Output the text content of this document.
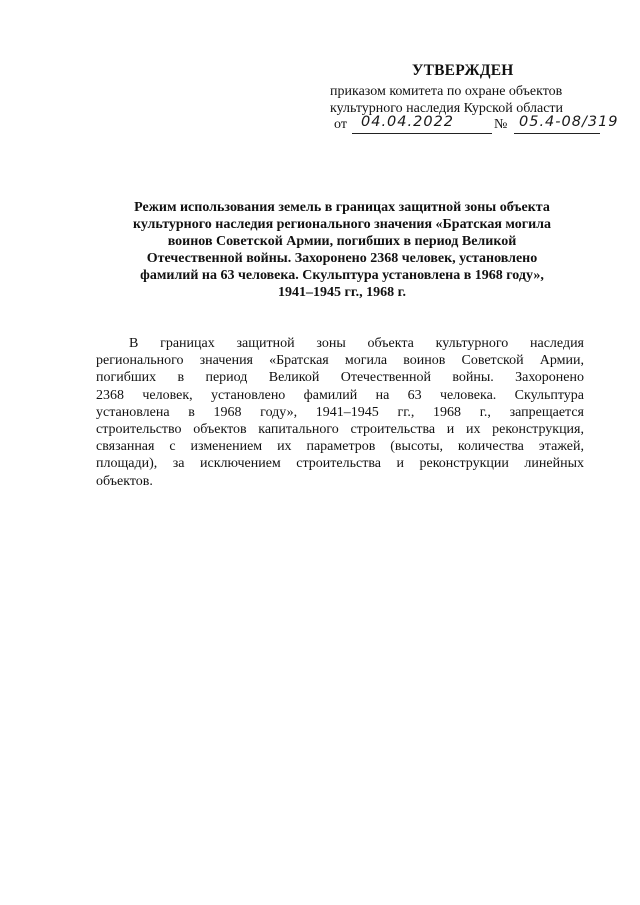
УТВЕРЖДЕН
приказом комитета по охране объектов
культурного наследия Курской области
от 04.04.2022	№ 05.4-08/319
Режим использования земель в границах защитной зоны объекта
культурного наследия регионального значения «Братская могила
воинов Советской Армии, погибших в период Великой
Отечественной войны. Захоронено 2368 человек, установлено
фамилий на 63 человека. Скульптура установлена в 1968 году»,
1941–1945 гг., 1968 г.
В границах защитной зоны объекта культурного наследия
регионального значения «Братская могила воинов Советской Армии,
погибших в период Великой Отечественной войны. Захоронено
2368 человек, установлено фамилий на 63 человека. Скульптура
установлена в 1968 году», 1941–1945 гг., 1968 г., запрещается
строительство объектов капитального строительства и их реконструкция,
связанная с изменением их параметров (высоты, количества этажей,
площади), за исключением строительства и реконструкции линейных
объектов.
